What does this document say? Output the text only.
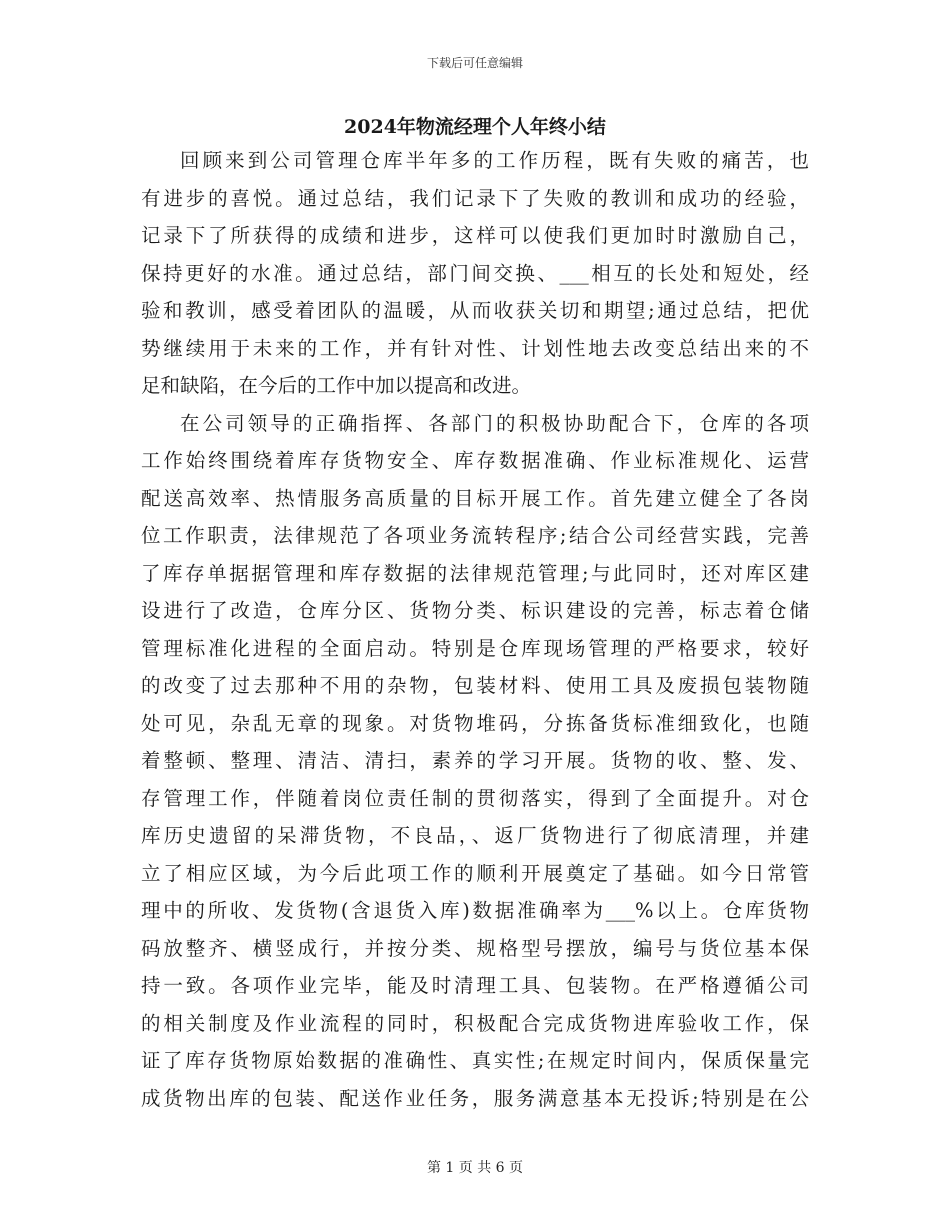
下载后可任意编辑
2024年物流经理个人年终小结

回顾来到公司管理仓库半年多的工作历程，既有失败的痛苦，也
有进步的喜悦。通过总结，我们记录下了失败的教训和成功的经验，
记录下了所获得的成绩和进步，这样可以使我们更加时时激励自己，
保持更好的水准。通过总结，部门间交换、___相互的长处和短处，经
验和教训，感受着团队的温暖，从而收获关切和期望;通过总结，把优
势继续用于未来的工作，并有针对性、计划性地去改变总结出来的不
足和缺陷，在今后的工作中加以提高和改进。

在公司领导的正确指挥、各部门的积极协助配合下，仓库的各项
工作始终围绕着库存货物安全、库存数据准确、作业标准规化、运营
配送高效率、热情服务高质量的目标开展工作。首先建立健全了各岗
位工作职责，法律规范了各项业务流转程序;结合公司经营实践，完善
了库存单据据管理和库存数据的法律规范管理;与此同时，还对库区建
设进行了改造，仓库分区、货物分类、标识建设的完善，标志着仓储
管理标准化进程的全面启动。特别是仓库现场管理的严格要求，较好
的改变了过去那种不用的杂物，包装材料、使用工具及废损包装物随
处可见，杂乱无章的现象。对货物堆码，分拣备货标准细致化，也随
着整顿、整理、清洁、清扫，素养的学习开展。货物的收、整、发、
存管理工作，伴随着岗位责任制的贯彻落实，得到了全面提升。对仓
库历史遗留的呆滞货物，不良品，、返厂货物进行了彻底清理，并建
立了相应区域，为今后此项工作的顺利开展奠定了基础。如今日常管
理中的所收、发货物(含退货入库)数据准确率为___%以上。仓库货物
码放整齐、横竖成行，并按分类、规格型号摆放，编号与货位基本保
持一致。各项作业完毕，能及时清理工具、包装物。在严格遵循公司
的相关制度及作业流程的同时，积极配合完成货物进库验收工作，保
证了库存货物原始数据的准确性、真实性;在规定时间内，保质保量完
成货物出库的包装、配送作业任务，服务满意基本无投诉;特别是在公

第 1 页 共 6 页
